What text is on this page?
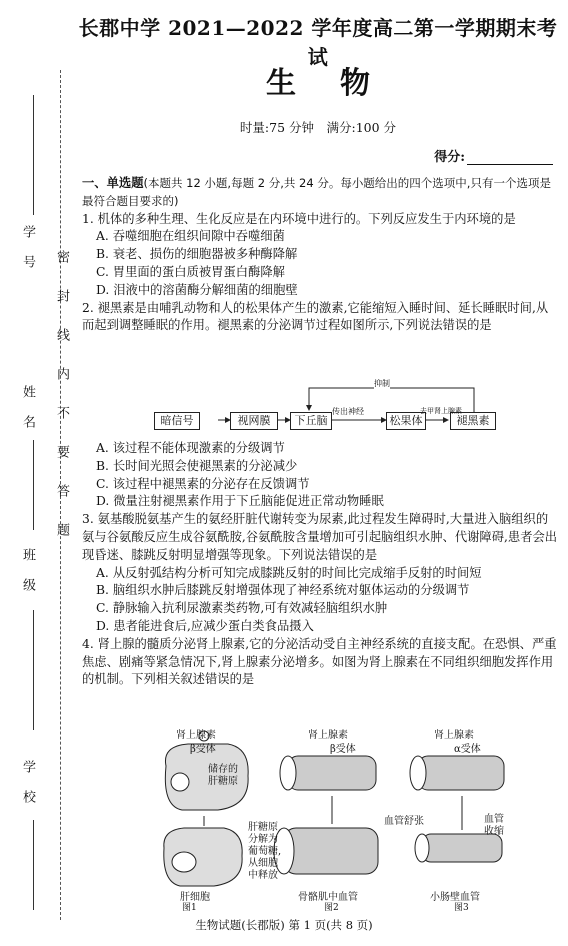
学　号
姓　名
班　级
学　校
密封线内不要答题
长郡中学 2021—2022 学年度高二第一学期期末考试
生物
时量:75 分钟　满分:100 分
得分:
一、单选题(本题共 12 小题,每题 2 分,共 24 分。每小题给出的四个选项中,只有一个选项是最符合题目要求的)
1. 机体的多种生理、生化反应是在内环境中进行的。下列反应发生于内环境的是
A. 吞噬细胞在组织间隙中吞噬细菌
B. 衰老、损伤的细胞器被多种酶降解
C. 胃里面的蛋白质被胃蛋白酶降解
D. 泪液中的溶菌酶分解细菌的细胞壁
2. 褪黑素是由哺乳动物和人的松果体产生的激素,它能缩短入睡时间、延长睡眠时间,从而起到调整睡眠的作用。褪黑素的分泌调节过程如图所示,下列说法错误的是
暗信号	视网膜	下丘脑	松果体	褪黑素
传出神经	去甲肾上腺素
抑制
A. 该过程不能体现激素的分级调节
B. 长时间光照会使褪黑素的分泌减少
C. 该过程中褪黑素的分泌存在反馈调节
D. 微量注射褪黑素作用于下丘脑能促进正常动物睡眠
3. 氨基酸脱氨基产生的氨经肝脏代谢转变为尿素,此过程发生障碍时,大量进入脑组织的氨与谷氨酸反应生成谷氨酰胺,谷氨酰胺含量增加可引起脑组织水肿、代谢障碍,患者会出现昏迷、膝跳反射明显增强等现象。下列说法错误的是
A. 从反射弧结构分析可知完成膝跳反射的时间比完成缩手反射的时间短
B. 脑组织水肿后膝跳反射增强体现了神经系统对躯体运动的分级调节
C. 静脉输入抗利尿激素类药物,可有效减轻脑组织水肿
D. 患者能进食后,应减少蛋白类食品摄入
4. 肾上腺的髓质分泌肾上腺素,它的分泌活动受自主神经系统的直接支配。在恐惧、严重焦虑、剧痛等紧急情况下,肾上腺素分泌增多。如图为肾上腺素在不同组织细胞发挥作用的机制。下列相关叙述错误的是
肾上腺素
β受体
储存的肝糖原
肝糖原分解为葡萄糖,从细胞中释放
肝细胞
肾上腺素
β受体
血管舒张
骨骼肌中血管
肾上腺素
α受体
血管收缩
小肠壁血管
图1	图2	图3
生物试题(长郡版) 第 1 页(共 8 页)
